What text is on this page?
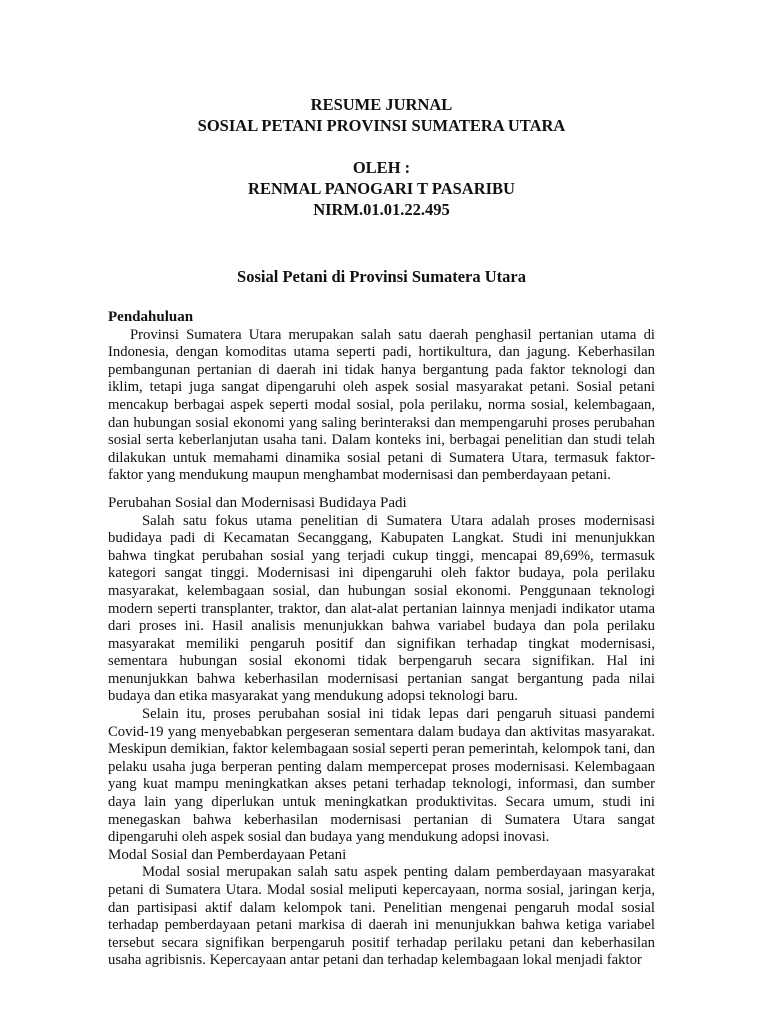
RESUME JURNAL
SOSIAL PETANI PROVINSI SUMATERA UTARA
OLEH :
RENMAL PANOGARI T PASARIBU
NIRM.01.01.22.495
Sosial Petani di Provinsi Sumatera Utara
Pendahuluan

Provinsi Sumatera Utara merupakan salah satu daerah penghasil pertanian utama di Indonesia, dengan komoditas utama seperti padi, hortikultura, dan jagung. Keberhasilan pembangunan pertanian di daerah ini tidak hanya bergantung pada faktor teknologi dan iklim, tetapi juga sangat dipengaruhi oleh aspek sosial masyarakat petani. Sosial petani mencakup berbagai aspek seperti modal sosial, pola perilaku, norma sosial, kelembagaan, dan hubungan sosial ekonomi yang saling berinteraksi dan mempengaruhi proses perubahan sosial serta keberlanjutan usaha tani. Dalam konteks ini, berbagai penelitian dan studi telah dilakukan untuk memahami dinamika sosial petani di Sumatera Utara, termasuk faktor-faktor yang mendukung maupun menghambat modernisasi dan pemberdayaan petani.

Perubahan Sosial dan Modernisasi Budidaya Padi

Salah satu fokus utama penelitian di Sumatera Utara adalah proses modernisasi budidaya padi di Kecamatan Secanggang, Kabupaten Langkat. Studi ini menunjukkan bahwa tingkat perubahan sosial yang terjadi cukup tinggi, mencapai 89,69%, termasuk kategori sangat tinggi. Modernisasi ini dipengaruhi oleh faktor budaya, pola perilaku masyarakat, kelembagaan sosial, dan hubungan sosial ekonomi. Penggunaan teknologi modern seperti transplanter, traktor, dan alat-alat pertanian lainnya menjadi indikator utama dari proses ini. Hasil analisis menunjukkan bahwa variabel budaya dan pola perilaku masyarakat memiliki pengaruh positif dan signifikan terhadap tingkat modernisasi, sementara hubungan sosial ekonomi tidak berpengaruh secara signifikan. Hal ini menunjukkan bahwa keberhasilan modernisasi pertanian sangat bergantung pada nilai budaya dan etika masyarakat yang mendukung adopsi teknologi baru.

Selain itu, proses perubahan sosial ini tidak lepas dari pengaruh situasi pandemi Covid-19 yang menyebabkan pergeseran sementara dalam budaya dan aktivitas masyarakat. Meskipun demikian, faktor kelembagaan sosial seperti peran pemerintah, kelompok tani, dan pelaku usaha juga berperan penting dalam mempercepat proses modernisasi. Kelembagaan yang kuat mampu meningkatkan akses petani terhadap teknologi, informasi, dan sumber daya lain yang diperlukan untuk meningkatkan produktivitas. Secara umum, studi ini menegaskan bahwa keberhasilan modernisasi pertanian di Sumatera Utara sangat dipengaruhi oleh aspek sosial dan budaya yang mendukung adopsi inovasi.

Modal Sosial dan Pemberdayaan Petani

Modal sosial merupakan salah satu aspek penting dalam pemberdayaan masyarakat petani di Sumatera Utara. Modal sosial meliputi kepercayaan, norma sosial, jaringan kerja, dan partisipasi aktif dalam kelompok tani. Penelitian mengenai pengaruh modal sosial terhadap pemberdayaan petani markisa di daerah ini menunjukkan bahwa ketiga variabel tersebut secara signifikan berpengaruh positif terhadap perilaku petani dan keberhasilan usaha agribisnis. Kepercayaan antar petani dan terhadap kelembagaan lokal menjadi faktor
